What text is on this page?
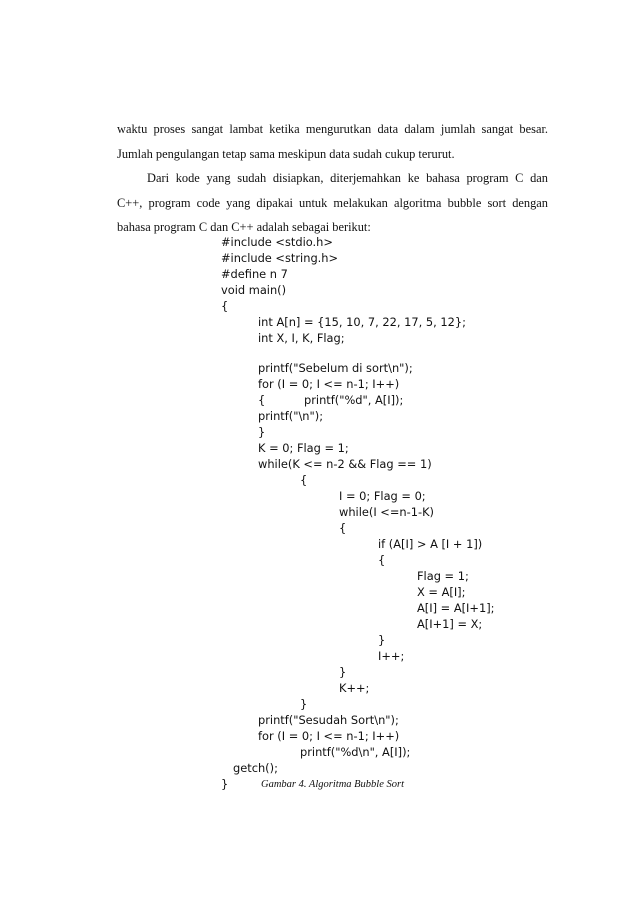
waktu proses sangat lambat ketika mengurutkan data dalam jumlah sangat besar.
Jumlah pengulangan tetap sama meskipun data sudah cukup terurut.
Dari kode yang sudah disiapkan, diterjemahkan ke bahasa program C dan
C++, program code yang dipakai untuk melakukan algoritma bubble sort dengan
bahasa program C dan C++ adalah sebagai berikut:
#include <stdio.h>
#include <string.h>
#define n 7
void main()
{
int A[n] = {15, 10, 7, 22, 17, 5, 12};
int X, I, K, Flag;
printf("Sebelum di sort\n");
for (I = 0; I <= n-1; I++)
{	printf("%d", A[I]);
printf("\n");
}
K = 0; Flag = 1;
while(K <= n-2 && Flag == 1)
{
I = 0; Flag = 0;
while(I <=n-1-K)
{
if (A[I] > A [I + 1])
{
Flag = 1;
X = A[I];
A[I] = A[I+1];
A[I+1] = X;
}
I++;
}
K++;
}
printf("Sesudah Sort\n");
for (I = 0; I <= n-1; I++)
printf("%d\n", A[I]);
getch();
}	Gambar 4. Algoritma Bubble Sort
